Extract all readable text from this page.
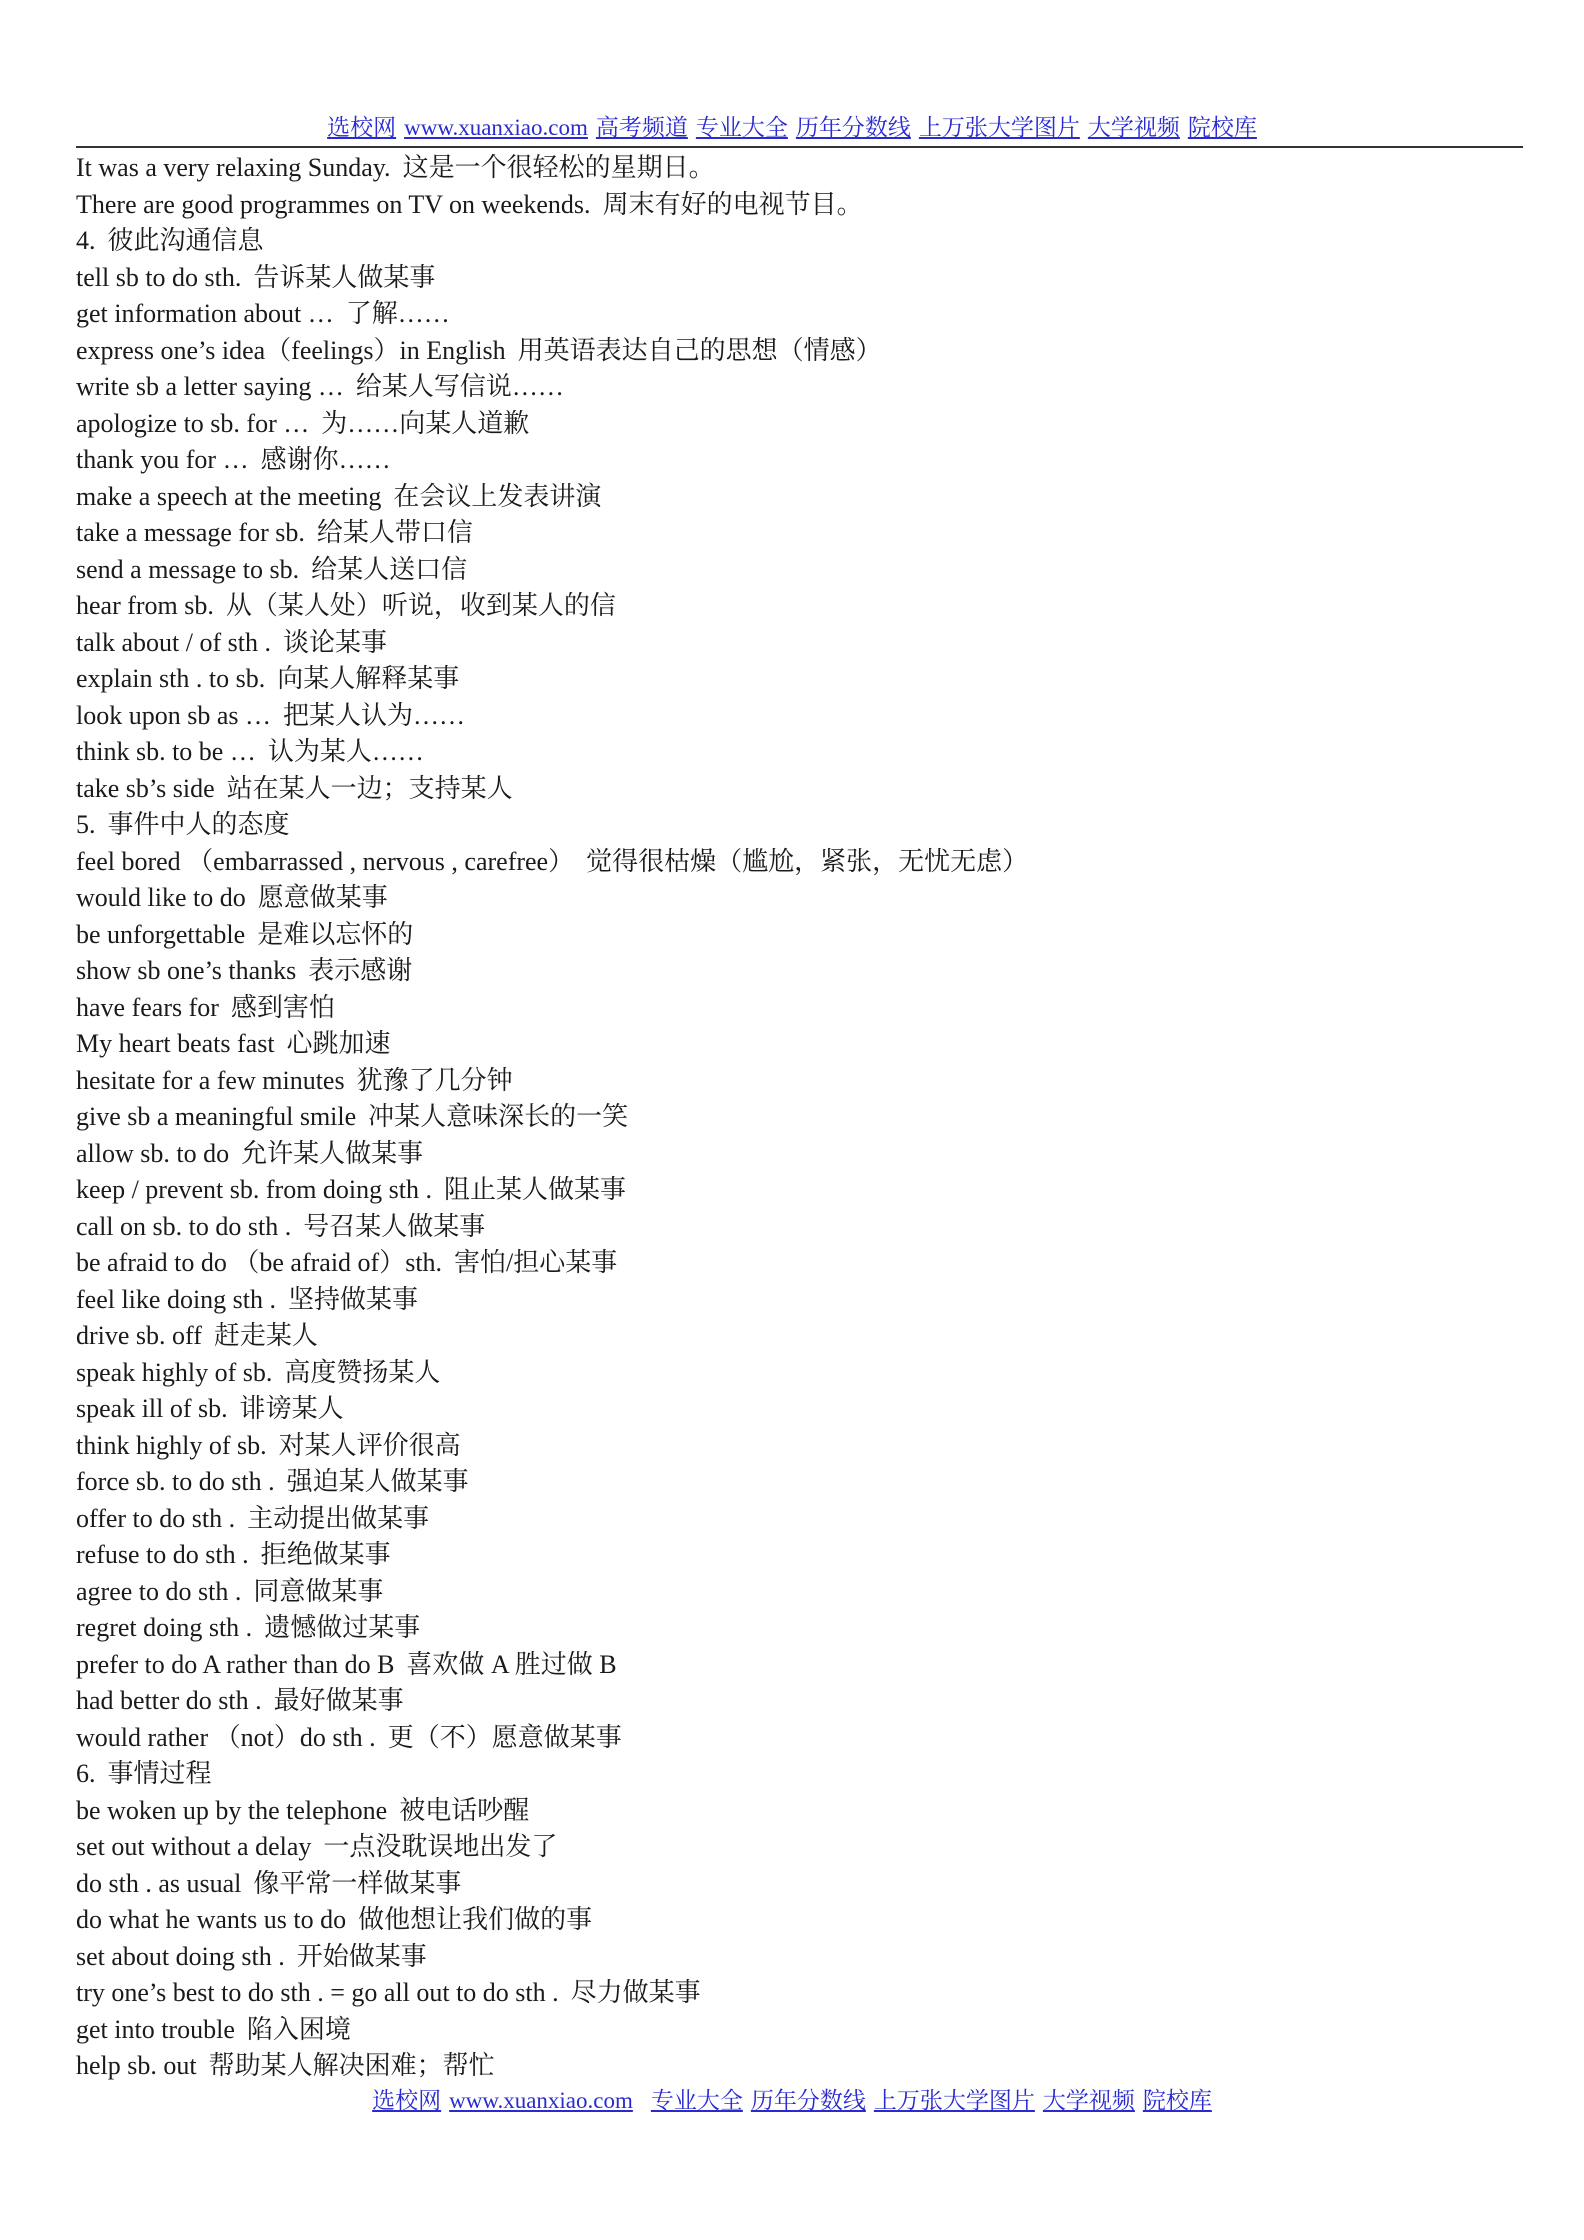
选校网 www.xuanxiao.com 高考频道 专业大全 历年分数线 上万张大学图片 大学视频 院校库
It was a very relaxing Sunday. 这是一个很轻松的星期日。
There are good programmes on TV on weekends. 周末有好的电视节目。
4. 彼此沟通信息
tell sb to do sth. 告诉某人做某事
get information about … 了解……
express one’s idea（feelings）in English 用英语表达自己的思想（情感）
write sb a letter saying … 给某人写信说……
apologize to sb. for … 为……向某人道歉
thank you for … 感谢你……
make a speech at the meeting 在会议上发表讲演
take a message for sb. 给某人带口信
send a message to sb. 给某人送口信
hear from sb. 从（某人处）听说，收到某人的信
talk about / of sth . 谈论某事
explain sth . to sb. 向某人解释某事
look upon sb as … 把某人认为……
think sb. to be … 认为某人……
take sb’s side 站在某人一边；支持某人
5. 事件中人的态度
feel bored （embarrassed , nervous , carefree） 觉得很枯燥（尴尬，紧张，无忧无虑）
would like to do 愿意做某事
be unforgettable 是难以忘怀的
show sb one’s thanks 表示感谢
have fears for 感到害怕
My heart beats fast 心跳加速
hesitate for a few minutes 犹豫了几分钟
give sb a meaningful smile 冲某人意味深长的一笑
allow sb. to do 允许某人做某事
keep / prevent sb. from doing sth . 阻止某人做某事
call on sb. to do sth . 号召某人做某事
be afraid to do （be afraid of）sth. 害怕/担心某事
feel like doing sth . 坚持做某事
drive sb. off 赶走某人
speak highly of sb. 高度赞扬某人
speak ill of sb. 诽谤某人
think highly of sb. 对某人评价很高
force sb. to do sth . 强迫某人做某事
offer to do sth . 主动提出做某事
refuse to do sth . 拒绝做某事
agree to do sth . 同意做某事
regret doing sth . 遗憾做过某事
prefer to do A rather than do B 喜欢做 A 胜过做 B
had better do sth . 最好做某事
would rather （not）do sth . 更（不）愿意做某事
6. 事情过程
be woken up by the telephone 被电话吵醒
set out without a delay 一点没耽误地出发了
do sth . as usual 像平常一样做某事
do what he wants us to do 做他想让我们做的事
set about doing sth . 开始做某事
try one’s best to do sth . = go all out to do sth . 尽力做某事
get into trouble 陷入困境
help sb. out 帮助某人解决困难；帮忙
选校网 www.xuanxiao.com 专业大全 历年分数线 上万张大学图片 大学视频 院校库
